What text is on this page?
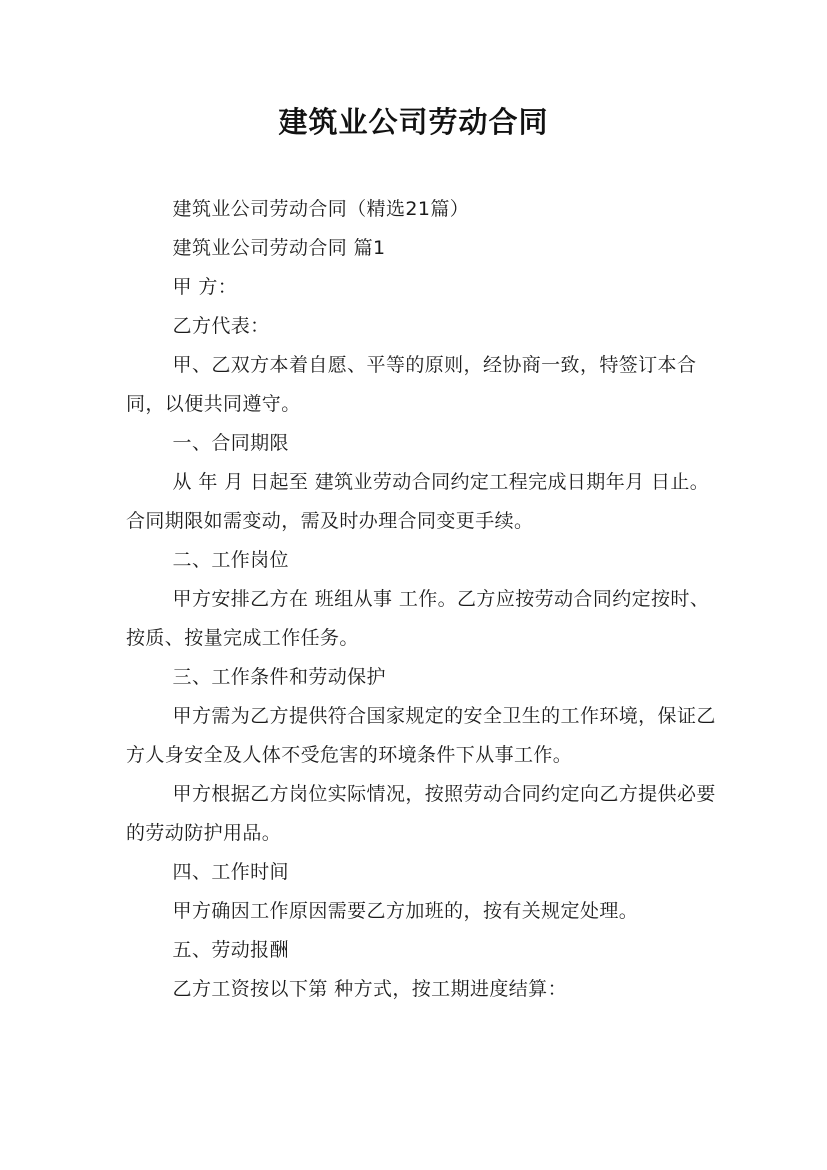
建筑业公司劳动合同

建筑业公司劳动合同（精选21篇）

建筑业公司劳动合同 篇1

甲 方：

乙方代表：

甲、乙双方本着自愿、平等的原则，经协商一致，特签订本合同，以便共同遵守。

一、合同期限

从 年 月 日起至 建筑业劳动合同约定工程完成日期年月 日止。合同期限如需变动，需及时办理合同变更手续。

二、工作岗位

甲方安排乙方在 班组从事 工作。乙方应按劳动合同约定按时、按质、按量完成工作任务。

三、工作条件和劳动保护

甲方需为乙方提供符合国家规定的安全卫生的工作环境，保证乙方人身安全及人体不受危害的环境条件下从事工作。

甲方根据乙方岗位实际情况，按照劳动合同约定向乙方提供必要的劳动防护用品。

四、工作时间

甲方确因工作原因需要乙方加班的，按有关规定处理。

五、劳动报酬

乙方工资按以下第 种方式，按工期进度结算：
